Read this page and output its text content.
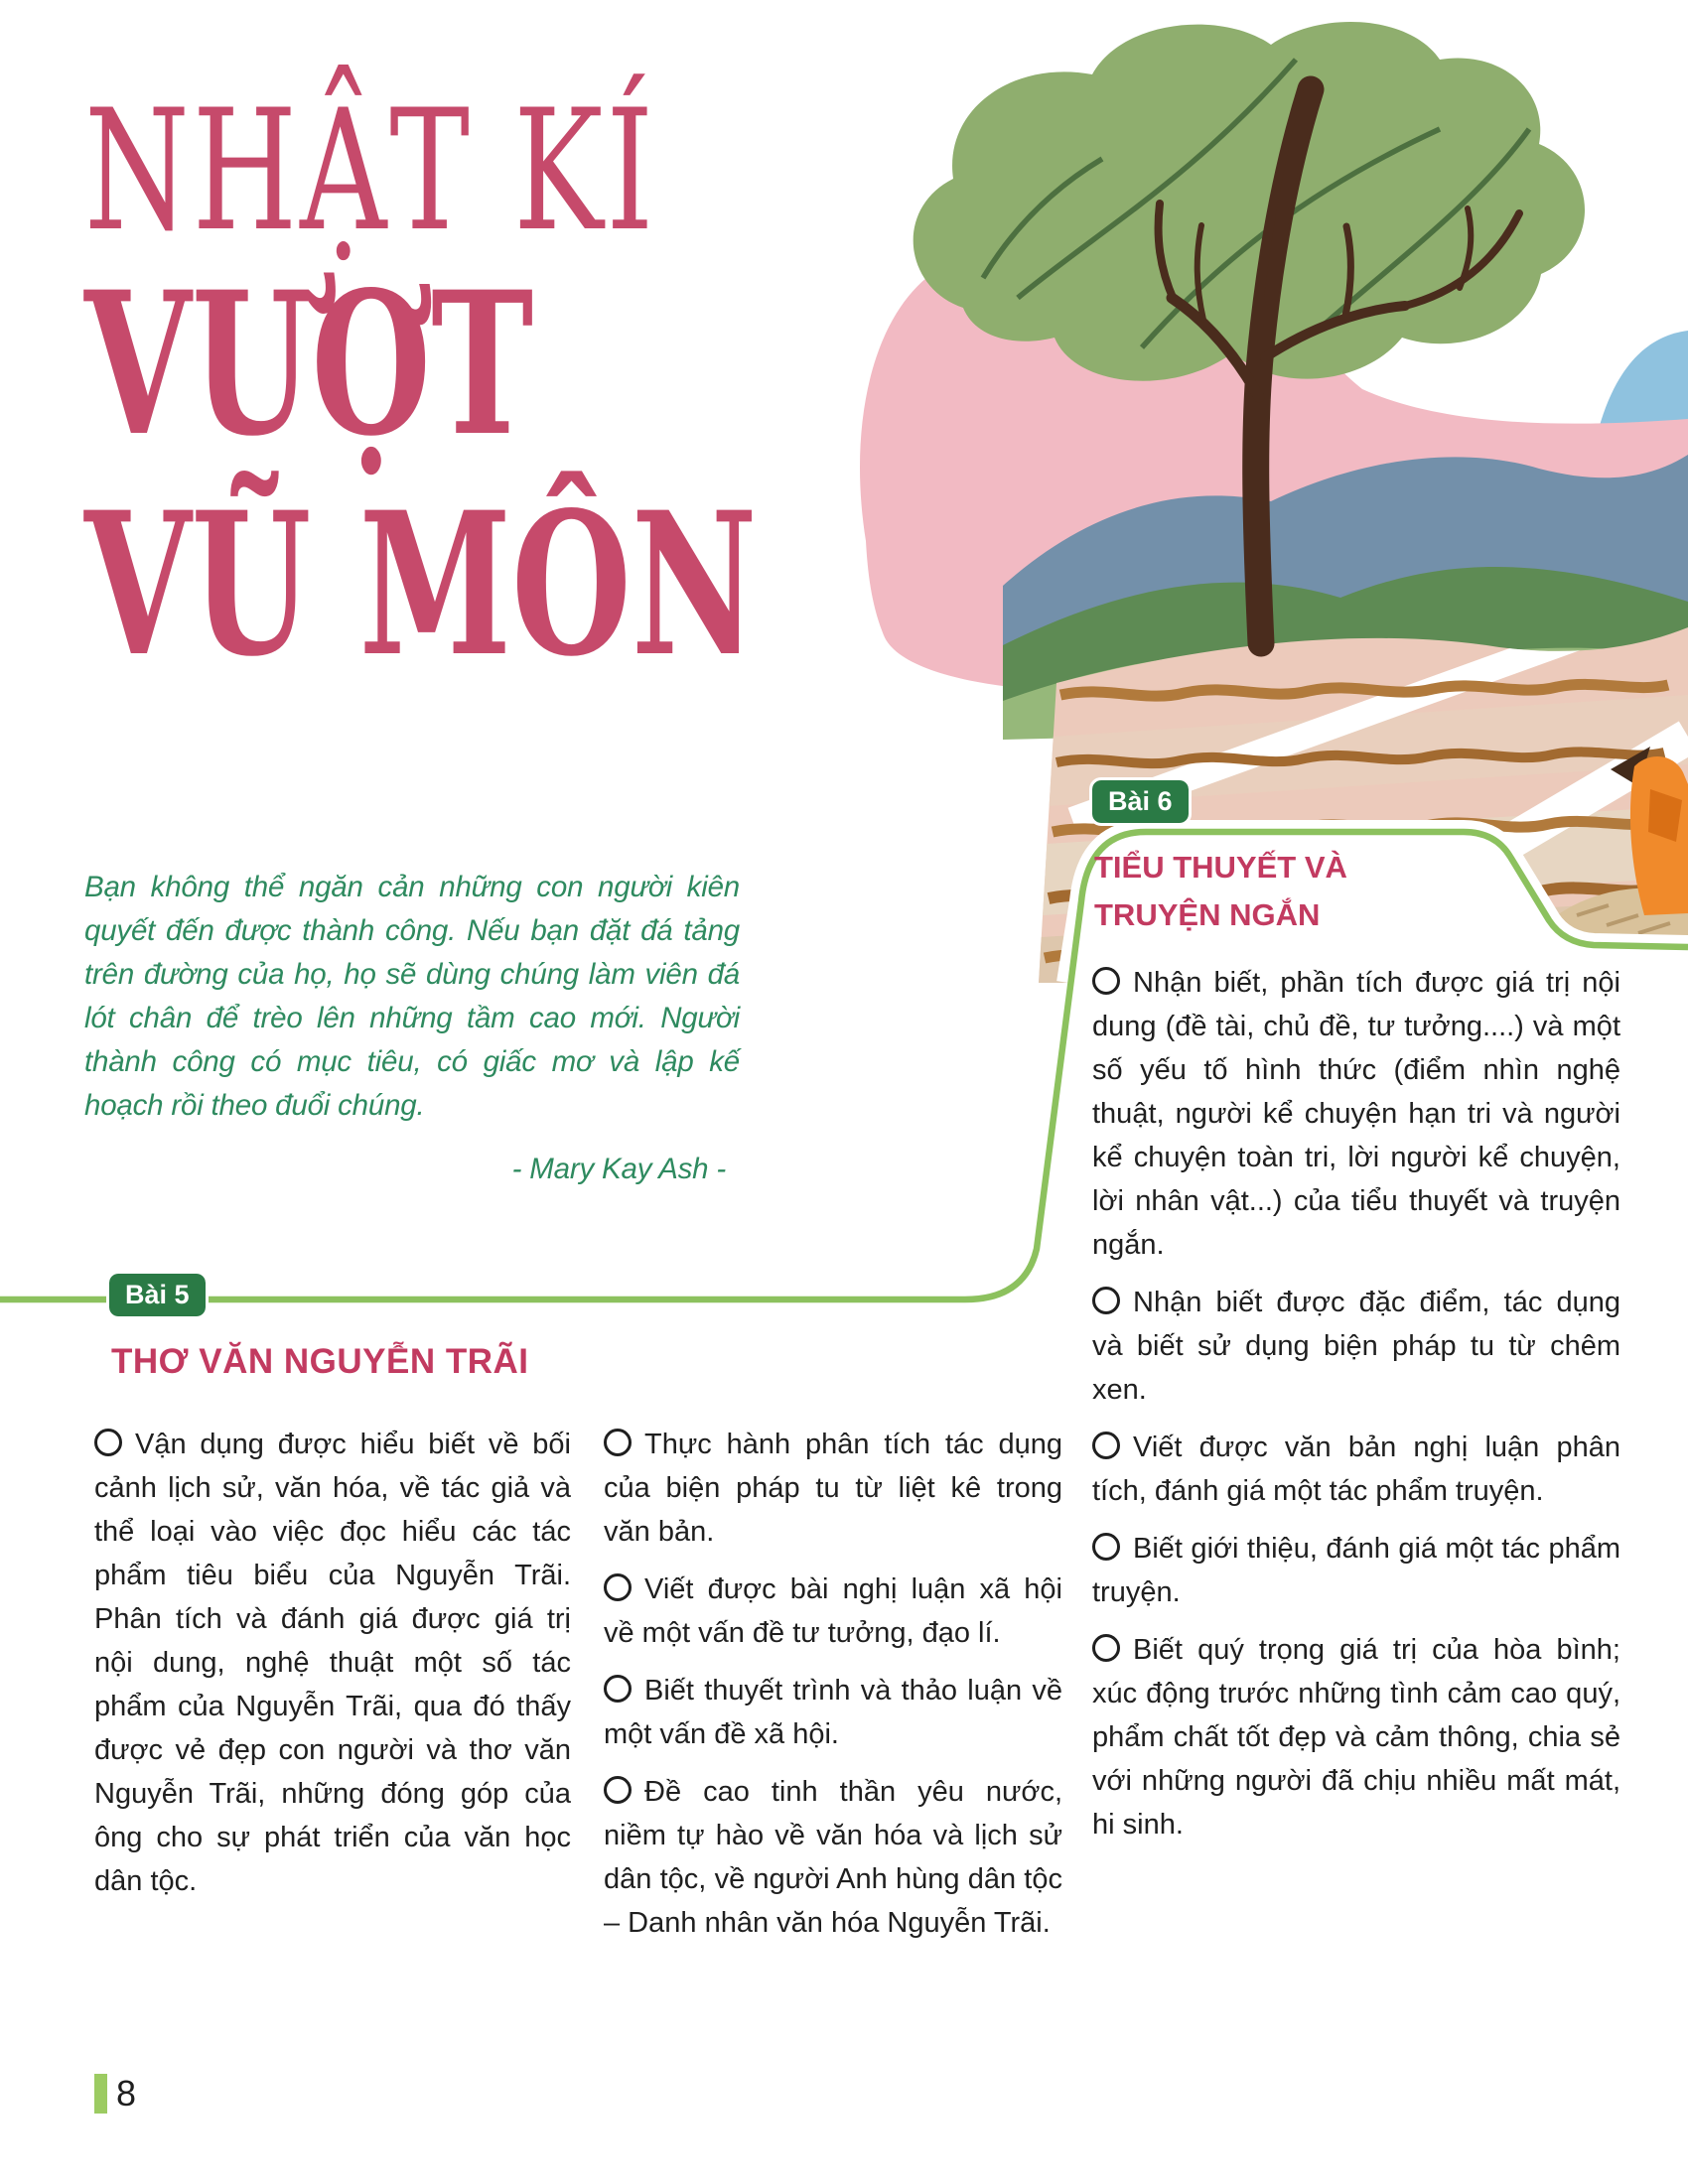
NHẬT KÍ
VƯỢT
VŨ MÔN
Bạn không thể ngăn cản những con người kiên quyết đến được thành công. Nếu bạn đặt đá tảng trên đường của họ, họ sẽ dùng chúng làm viên đá lót chân để trèo lên những tầm cao mới. Người thành công có mục tiêu, có giấc mơ và lập kế hoạch rồi theo đuổi chúng.
- Mary Kay Ash -
Bài 5
THƠ VĂN NGUYỄN TRÃI

Vận dụng được hiểu biết về bối cảnh lịch sử, văn hóa, về tác giả và thể loại vào việc đọc hiểu các tác phẩm tiêu biểu của Nguyễn Trãi. Phân tích và đánh giá được giá trị nội dung, nghệ thuật một số tác phẩm của Nguyễn Trãi, qua đó thấy được vẻ đẹp con người và thơ văn Nguyễn Trãi, những đóng góp của ông cho sự phát triển của văn học dân tộc.

Thực hành phân tích tác dụng của biện pháp tu từ liệt kê trong văn bản.

Viết được bài nghị luận xã hội về một vấn đề tư tưởng, đạo lí.

Biết thuyết trình và thảo luận về một vấn đề xã hội.

Đề cao tinh thần yêu nước, niềm tự hào về văn hóa và lịch sử dân tộc, về người Anh hùng dân tộc – Danh nhân văn hóa Nguyễn Trãi.

Bài 6
TIỂU THUYẾT VÀ
TRUYỆN NGẮN

Nhận biết, phần tích được giá trị nội dung (đề tài, chủ đề, tư tưởng....) và một số yếu tố hình thức (điểm nhìn nghệ thuật, người kể chuyện hạn tri và người kể chuyện toàn tri, lời người kể chuyện, lời nhân vật...) của tiểu thuyết và truyện ngắn.

Nhận biết được đặc điểm, tác dụng và biết sử dụng biện pháp tu từ chêm xen.

Viết được văn bản nghị luận phân tích, đánh giá một tác phẩm truyện.

Biết giới thiệu, đánh giá một tác phẩm truyện.

Biết quý trọng giá trị của hòa bình; xúc động trước những tình cảm cao quý, phẩm chất tốt đẹp và cảm thông, chia sẻ với những người đã chịu nhiều mất mát, hi sinh.

8
